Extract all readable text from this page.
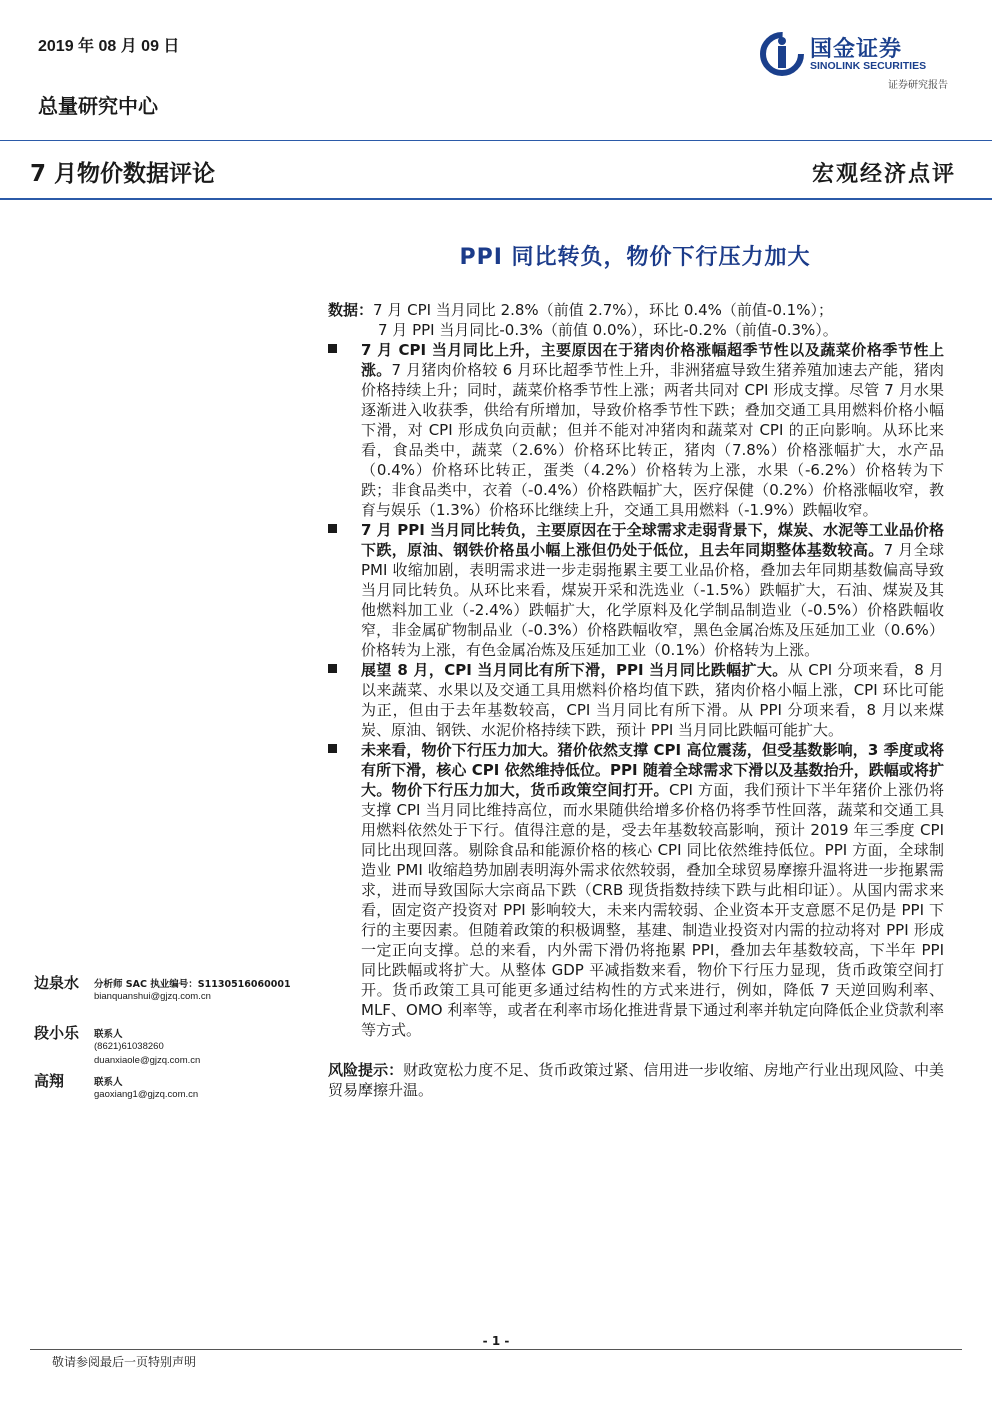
2019 年 08 月 09 日
总量研究中心
国金证券
SINOLINK SECURITIES
证券研究报告
7 月物价数据评论	宏观经济点评
PPI 同比转负，物价下行压力加大

数据：7 月 CPI 当月同比 2.8%（前值 2.7%），环比 0.4%（前值-0.1%）；

7 月 PPI 当月同比-0.3%（前值 0.0%），环比-0.2%（前值-0.3%）。

7 月 CPI 当月同比上升，主要原因在于猪肉价格涨幅超季节性以及蔬菜价格季节性上涨。7 月猪肉价格较 6 月环比超季节性上升，非洲猪瘟导致生猪养殖加速去产能，猪肉价格持续上升；同时，蔬菜价格季节性上涨；两者共同对 CPI 形成支撑。尽管 7 月水果逐渐进入收获季，供给有所增加，导致价格季节性下跌；叠加交通工具用燃料价格小幅下滑，对 CPI 形成负向贡献；但并不能对冲猪肉和蔬菜对 CPI 的正向影响。从环比来看，食品类中，蔬菜（2.6%）价格环比转正，猪肉（7.8%）价格涨幅扩大，水产品（0.4%）价格环比转正，蛋类（4.2%）价格转为上涨，水果（-6.2%）价格转为下跌；非食品类中，衣着（-0.4%）价格跌幅扩大，医疗保健（0.2%）价格涨幅收窄，教育与娱乐（1.3%）价格环比继续上升，交通工具用燃料（-1.9%）跌幅收窄。

7 月 PPI 当月同比转负，主要原因在于全球需求走弱背景下，煤炭、水泥等工业品价格下跌，原油、钢铁价格虽小幅上涨但仍处于低位，且去年同期整体基数较高。7 月全球 PMI 收缩加剧，表明需求进一步走弱拖累主要工业品价格，叠加去年同期基数偏高导致当月同比转负。从环比来看，煤炭开采和洗选业（-1.5%）跌幅扩大，石油、煤炭及其他燃料加工业（-2.4%）跌幅扩大，化学原料及化学制品制造业（-0.5%）价格跌幅收窄，非金属矿物制品业（-0.3%）价格跌幅收窄，黑色金属冶炼及压延加工业（0.6%）价格转为上涨，有色金属冶炼及压延加工业（0.1%）价格转为上涨。

展望 8 月，CPI 当月同比有所下滑，PPI 当月同比跌幅扩大。从 CPI 分项来看，8 月以来蔬菜、水果以及交通工具用燃料价格均值下跌，猪肉价格小幅上涨，CPI 环比可能为正，但由于去年基数较高，CPI 当月同比有所下滑。从 PPI 分项来看，8 月以来煤炭、原油、钢铁、水泥价格持续下跌，预计 PPI 当月同比跌幅可能扩大。

未来看，物价下行压力加大。猪价依然支撑 CPI 高位震荡，但受基数影响，3 季度或将有所下滑，核心 CPI 依然维持低位。PPI 随着全球需求下滑以及基数抬升，跌幅或将扩大。物价下行压力加大，货币政策空间打开。CPI 方面，我们预计下半年猪价上涨仍将支撑 CPI 当月同比维持高位，而水果随供给增多价格仍将季节性回落，蔬菜和交通工具用燃料依然处于下行。值得注意的是，受去年基数较高影响，预计 2019 年三季度 CPI 同比出现回落。剔除食品和能源价格的核心 CPI 同比依然维持低位。PPI 方面，全球制造业 PMI 收缩趋势加剧表明海外需求依然较弱，叠加全球贸易摩擦升温将进一步拖累需求，进而导致国际大宗商品下跌（CRB 现货指数持续下跌与此相印证）。从国内需求来看，固定资产投资对 PPI 影响较大，未来内需较弱、企业资本开支意愿不足仍是 PPI 下行的主要因素。但随着政策的积极调整，基建、制造业投资对内需的拉动将对 PPI 形成一定正向支撑。总的来看，内外需下滑仍将拖累 PPI，叠加去年基数较高，下半年 PPI 同比跌幅或将扩大。从整体 GDP 平减指数来看，物价下行压力显现，货币政策空间打开。货币政策工具可能更多通过结构性的方式来进行，例如，降低 7 天逆回购利率、MLF、OMO 利率等，或者在利率市场化推进背景下通过利率并轨定向降低企业贷款利率等方式。

风险提示：财政宽松力度不足、货币政策过紧、信用进一步收缩、房地产行业出现风险、中美贸易摩擦升温。

边泉水 分析师 SAC 执业编号：S1130516060001
bianquanshui@gjzq.com.cn
段小乐 联系人
(8621)61038260
duanxiaole@gjzq.com.cn
高翔	联系人
gaoxiang1@gjzq.com.cn
- 1 -
敬请参阅最后一页特别声明
